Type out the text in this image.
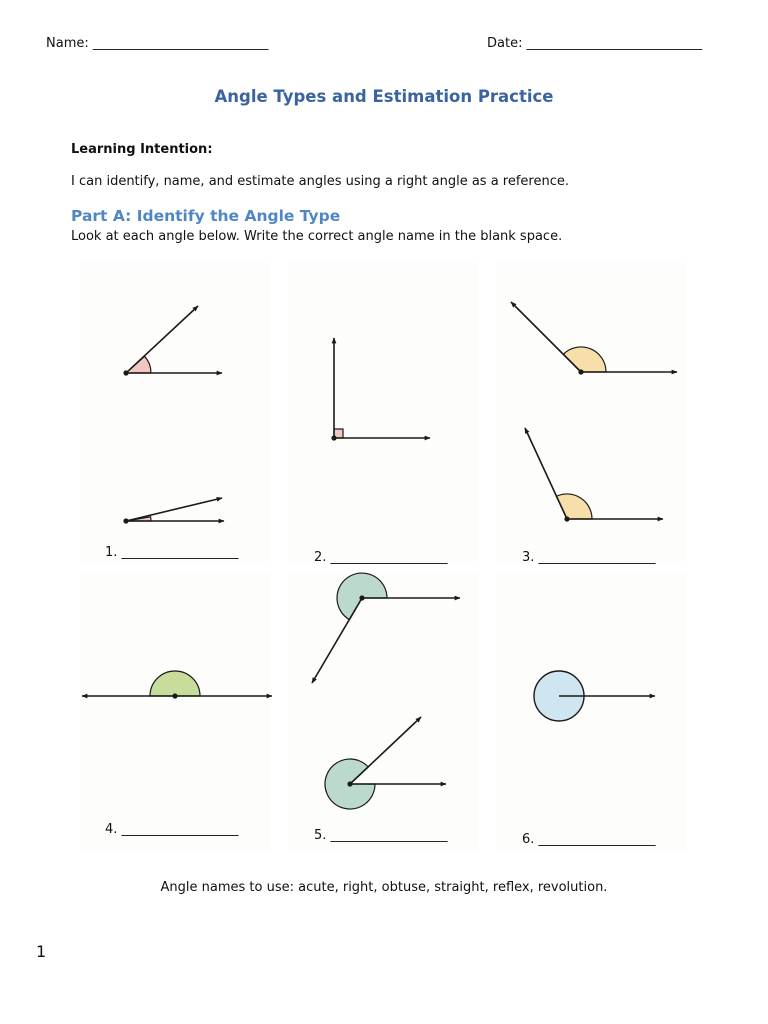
Name: ___________________________	Date: ___________________________
Angle Types and Estimation Practice
Learning Intention:
I can identify, name, and estimate angles using a right angle as a reference.
Part A: Identify the Angle Type
Look at each angle below. Write the correct angle name in the blank space.
1. __________________	2. __________________	3. __________________
4. __________________	5. __________________	6. __________________
Angle names to use: acute, right, obtuse, straight, reflex, revolution.
1
